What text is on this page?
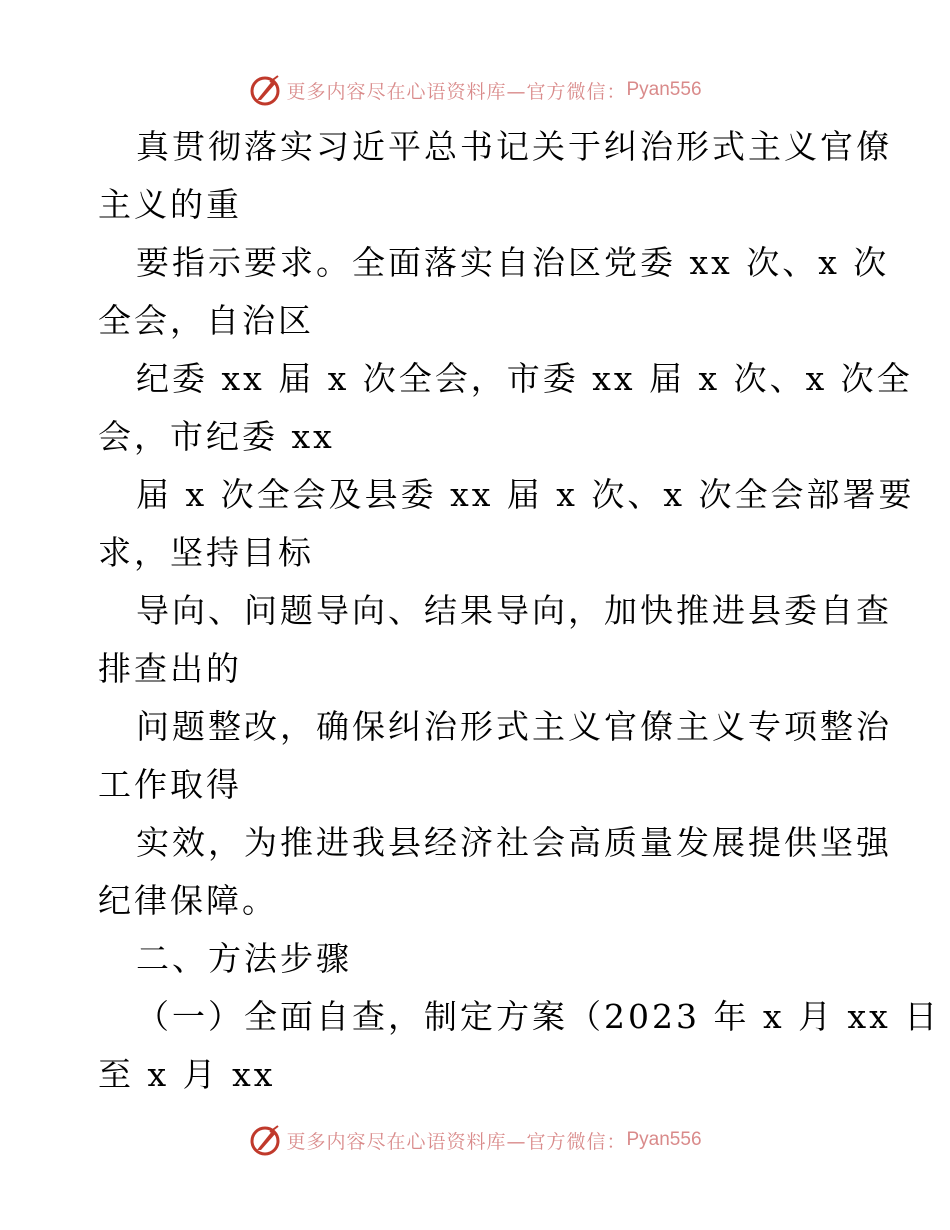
更多内容尽在心语资料库—官方微信： Pyan556
真贯彻落实习近平总书记关于纠治形式主义官僚
主义的重
要指示要求。全面落实自治区党委 xx 次、x 次
全会，自治区
纪委 xx 届 x 次全会，市委 xx 届 x 次、x 次全
会，市纪委 xx
届 x 次全会及县委 xx 届 x 次、x 次全会部署要
求，坚持目标
导向、问题导向、结果导向，加快推进县委自查
排查出的
问题整改，确保纠治形式主义官僚主义专项整治
工作取得
实效，为推进我县经济社会高质量发展提供坚强
纪律保障。
二、方法步骤
（一）全面自查，制定方案（2023 年 x 月 xx 日
至 x 月 xx
更多内容尽在心语资料库—官方微信： Pyan556
